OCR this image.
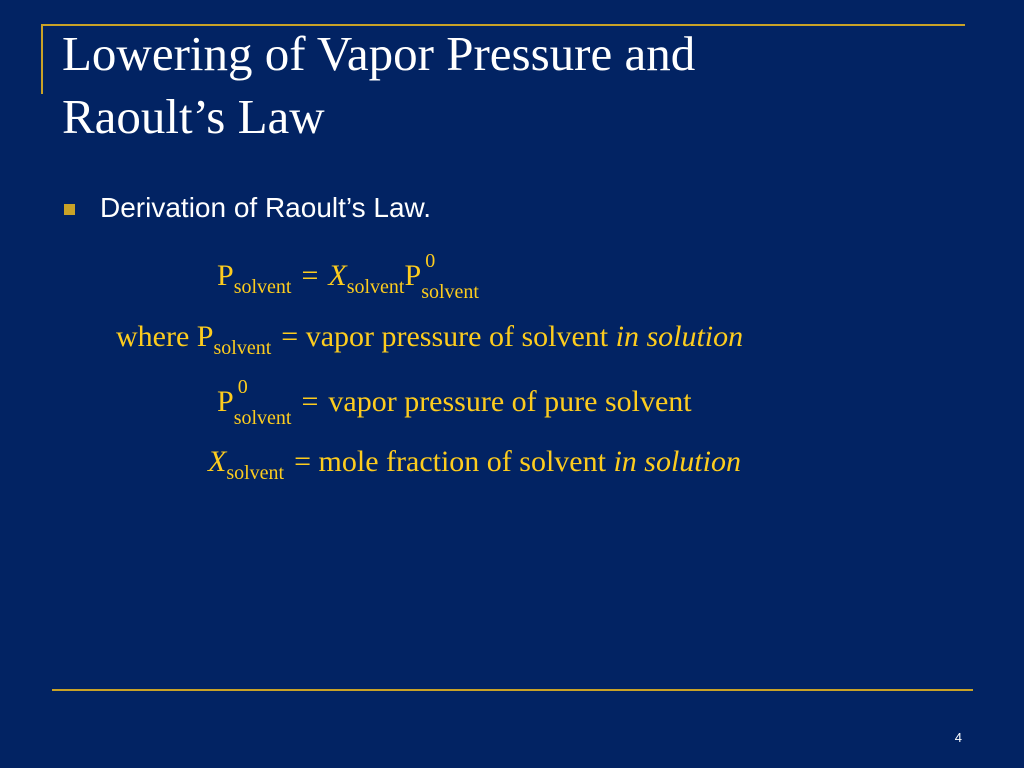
Lowering of Vapor Pressure and
Raoult’s Law
Derivation of Raoult’s Law.
$P_{solvent} = X_{solvent}P$ 0
solvent
where $P_{solvent}$ = vapor pressure of solvent in solution
P 0
solvent = vapor pressure of pure solvent
$X_{solvent}$ = mole fraction of solvent in solution
4
